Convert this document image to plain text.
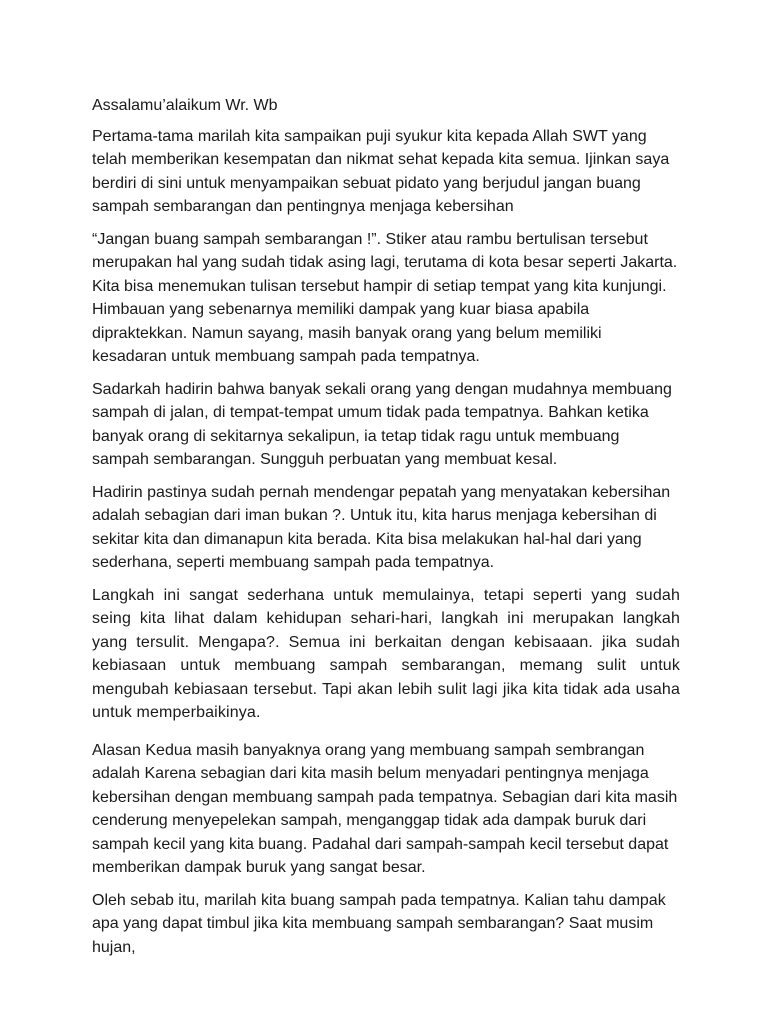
Assalamu’alaikum Wr. Wb

Pertama-tama marilah kita sampaikan puji syukur kita kepada Allah SWT yang telah memberikan kesempatan dan nikmat sehat kepada kita semua. Ijinkan saya berdiri di sini untuk menyampaikan sebuat pidato yang berjudul jangan buang sampah sembarangan dan pentingnya menjaga kebersihan

“Jangan buang sampah sembarangan !”. Stiker atau rambu bertulisan tersebut merupakan hal yang sudah tidak asing lagi, terutama di kota besar seperti Jakarta. Kita bisa menemukan tulisan tersebut hampir di setiap tempat yang kita kunjungi. Himbauan yang sebenarnya memiliki dampak yang kuar biasa apabila dipraktekkan. Namun sayang, masih banyak orang yang belum memiliki kesadaran untuk membuang sampah pada tempatnya.

Sadarkah hadirin bahwa banyak sekali orang yang dengan mudahnya membuang sampah di jalan, di tempat-tempat umum tidak pada tempatnya. Bahkan ketika banyak orang di sekitarnya sekalipun, ia tetap tidak ragu untuk membuang sampah sembarangan. Sungguh perbuatan yang membuat kesal.

Hadirin pastinya sudah pernah mendengar pepatah yang menyatakan kebersihan adalah sebagian dari iman bukan ?. Untuk itu, kita harus menjaga kebersihan di sekitar kita dan dimanapun kita berada. Kita bisa melakukan hal-hal dari yang sederhana, seperti membuang sampah pada tempatnya.

Langkah ini sangat sederhana untuk memulainya, tetapi seperti yang sudah seing kita lihat dalam kehidupan sehari-hari, langkah ini merupakan langkah yang tersulit. Mengapa?. Semua ini berkaitan dengan kebisaaan. jika sudah kebiasaan untuk membuang sampah sembarangan, memang sulit untuk mengubah kebiasaan tersebut. Tapi akan lebih sulit lagi jika kita tidak ada usaha untuk memperbaikinya.

Alasan Kedua masih banyaknya orang yang membuang sampah sembrangan adalah Karena sebagian dari kita masih belum menyadari pentingnya menjaga kebersihan dengan membuang sampah pada tempatnya. Sebagian dari kita masih cenderung menyepelekan sampah, menganggap tidak ada dampak buruk dari sampah kecil yang kita buang. Padahal dari sampah-sampah kecil tersebut dapat memberikan dampak buruk yang sangat besar.

Oleh sebab itu, marilah kita buang sampah pada tempatnya. Kalian tahu dampak apa yang dapat timbul jika kita membuang sampah sembarangan? Saat musim hujan,
